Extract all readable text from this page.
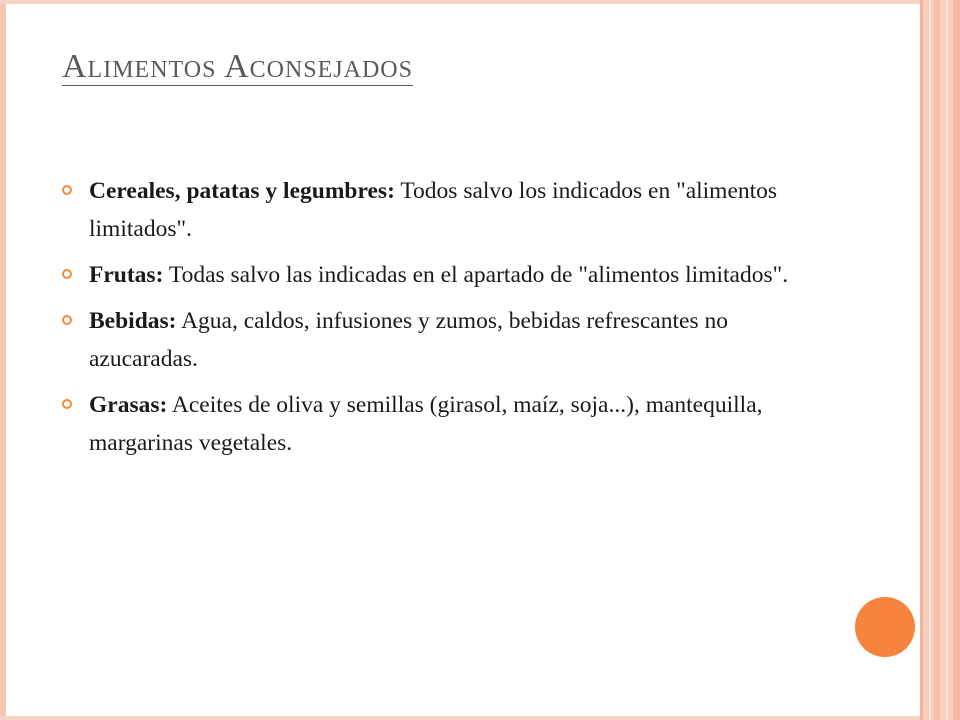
Alimentos Aconsejados
Cereales, patatas y legumbres: Todos salvo los indicados en "alimentos limitados".
Frutas: Todas salvo las indicadas en el apartado de "alimentos limitados".
Bebidas: Agua, caldos, infusiones y zumos, bebidas refrescantes no azucaradas.
Grasas: Aceites de oliva y semillas (girasol, maíz, soja...), mantequilla, margarinas vegetales.
